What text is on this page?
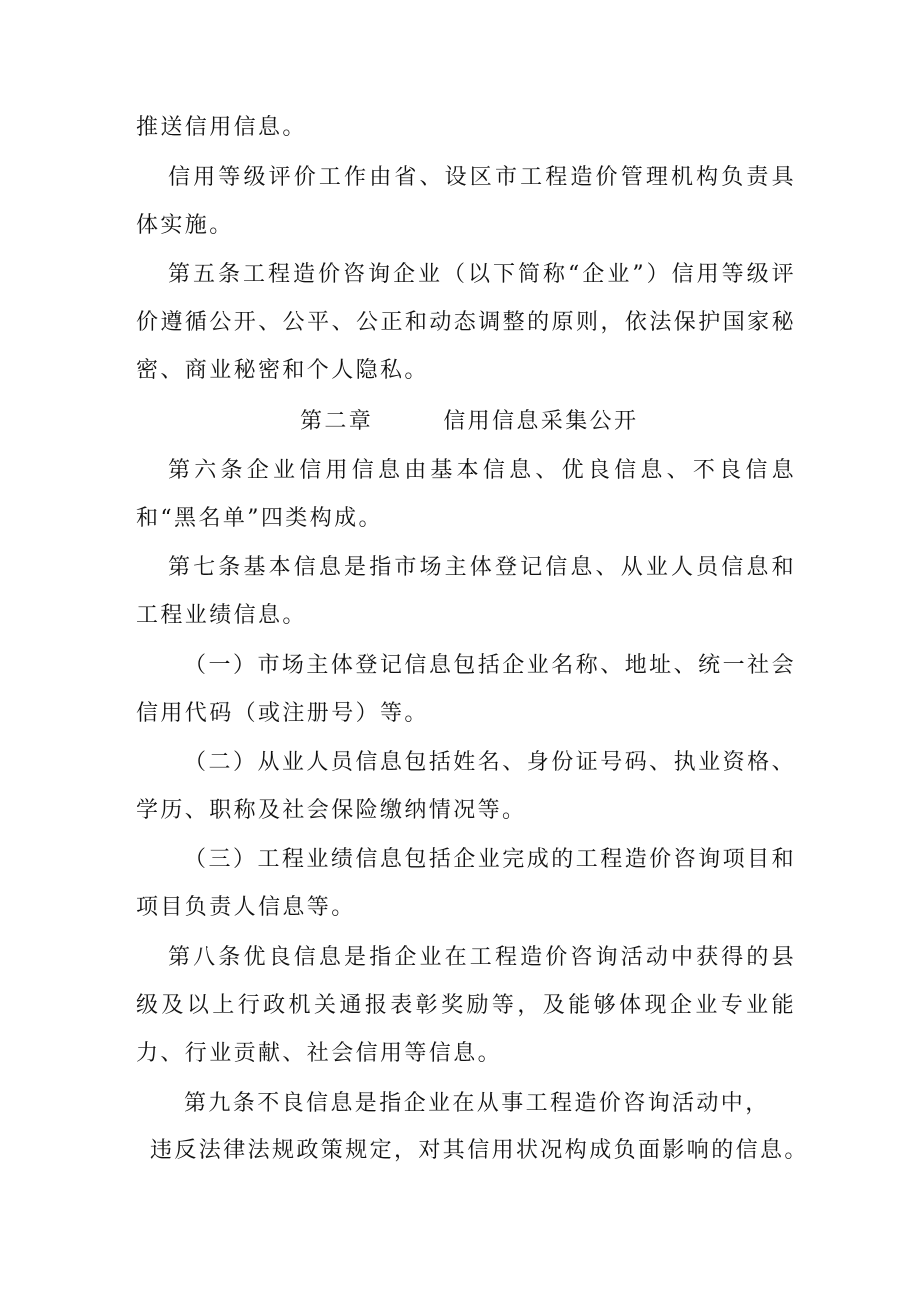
推送信用信息。

信用等级评价工作由省、设区市工程造价管理机构负责具体实施。

第五条工程造价咨询企业（以下简称“企业”）信用等级评价遵循公开、公平、公正和动态调整的原则，依法保护国家秘密、商业秘密和个人隐私。

第二章	信用信息采集公开

第六条企业信用信息由基本信息、优良信息、不良信息和“黑名单”四类构成。

第七条基本信息是指市场主体登记信息、从业人员信息和工程业绩信息。

（一）市场主体登记信息包括企业名称、地址、统一社会信用代码（或注册号）等。

（二）从业人员信息包括姓名、身份证号码、执业资格、学历、职称及社会保险缴纳情况等。

（三）工程业绩信息包括企业完成的工程造价咨询项目和项目负责人信息等。

第八条优良信息是指企业在工程造价咨询活动中获得的县级及以上行政机关通报表彰奖励等，及能够体现企业专业能力、行业贡献、社会信用等信息。

第九条不良信息是指企业在从事工程造价咨询活动中，

违反法律法规政策规定，对其信用状况构成负面影响的信息。
